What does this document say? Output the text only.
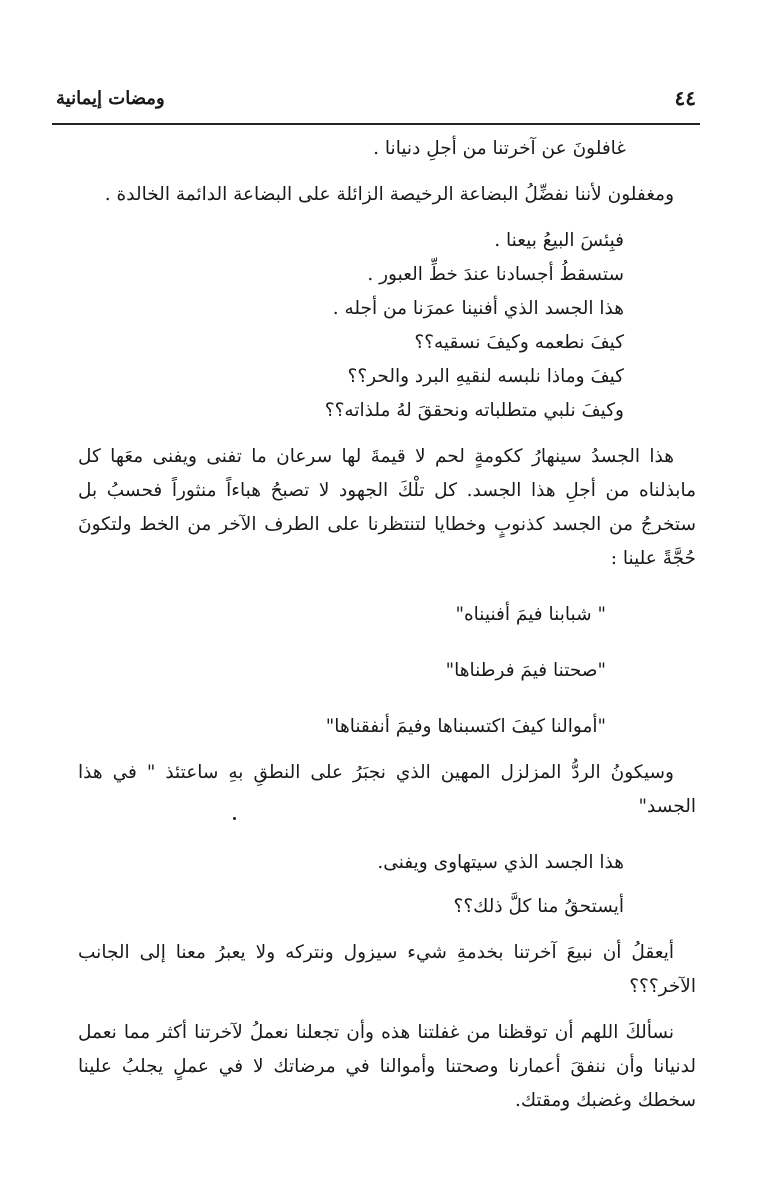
٤٤
ومضات إيمانية

غافلونَ عن آخرتنا من أجلِ دنيانا .

ومغفلون لأننا نفضِّلُ البضاعة الرخيصة الزائلة على البضاعة الدائمة الخالدة .

فبِئسَ البيعُ بيعنا .

ستسقطُ أجسادنا عندَ خطِّ العبور .

هذا الجسد الذي أفنينا عمرَنا من أجله .

كيفَ نطعمه وكيفَ نسقيه؟؟

كيفَ وماذا نلبسه لنقيهِ البرد والحر؟؟

وكيفَ نلبي متطلباته ونحققَ لهُ ملذاته؟؟

هذا الجسدُ سينهارُ ككومةٍ لحم لا قيمةَ لها سرعان ما تفنى ويفنى معَها كل مابذلناه من أجلِ هذا الجسد. كل تلْكَ الجهود لا تصبحُ هباءاً منثوراً فحسبُ بل ستخرجُ من الجسد كذنوبٍ وخطايا لتنتظرنا على الطرف الآخر من الخط ولتكونَ حُجَّةً علينا :

" شبابنا فيمَ أفنيناه"

"صحتنا فيمَ فرطناها"

"أموالنا كيفَ اكتسبناها وفيمَ أنفقناها"

وسيكونُ الردُّ المزلزل المهين الذي نجبَرُ على النطقِ بهِ ساعتئذ " في هذا الجسد"

هذا الجسد الذي سيتهاوى ويفنى.

أيستحقُ منا كلَّ ذلك؟؟

أيعقلُ أن نبيعَ آخرتنا بخدمةِ شيء سيزول ونتركه ولا يعبرُ معنا إلى الجانب الآخر؟؟؟

نسألكَ اللهم أن توقظنا من غفلتنا هذه وأن تجعلنا نعملُ لآخرتنا أكثر مما نعمل لدنيانا وأن ننفقَ أعمارنا وصحتنا وأموالنا في مرضاتك لا في عملٍ يجلبُ علينا سخطك وغضبك ومقتك.
